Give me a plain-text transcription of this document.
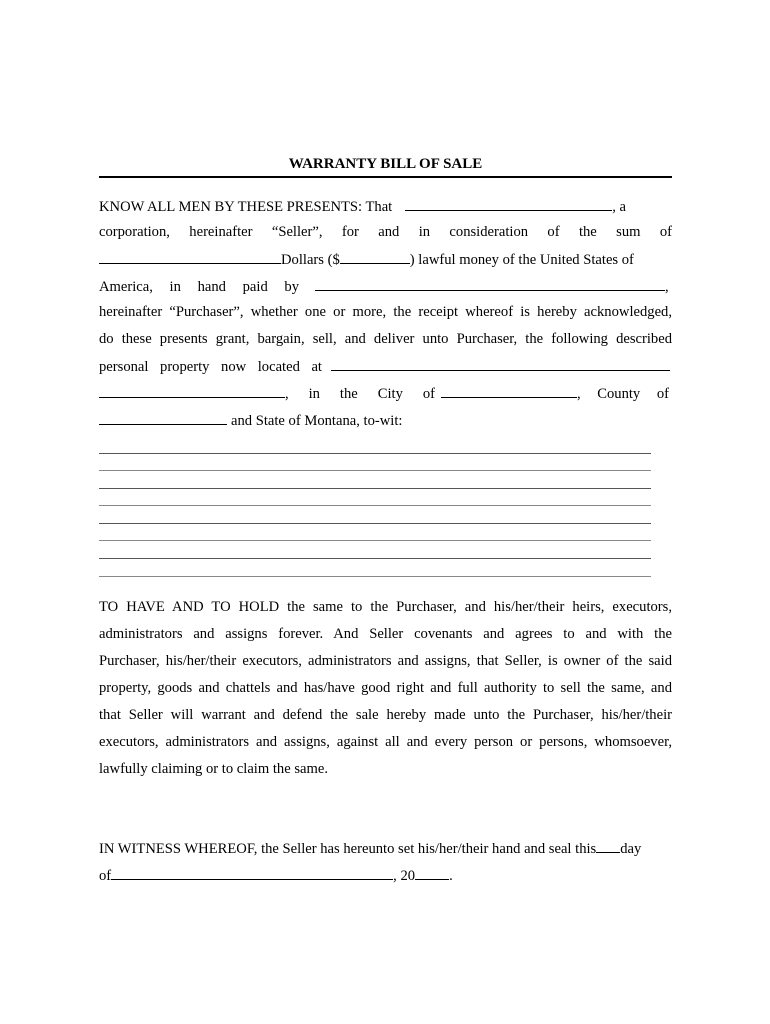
WARRANTY BILL OF SALE
KNOW ALL MEN BY THESE PRESENTS: That	, a
corporation, hereinafter “Seller”, for and in consideration of the sum of
Dollars ($	) lawful money of the United States of
America, in hand paid by	,
hereinafter “Purchaser”, whether one or more, the receipt whereof is hereby acknowledged,
do these presents grant, bargain, sell, and deliver unto Purchaser, the following described
personal property now located at
, in the City of	, County of
and State of Montana, to-wit:
TO HAVE AND TO HOLD the same to the Purchaser, and his/her/their heirs, executors,
administrators and assigns forever. And Seller covenants and agrees to and with the
Purchaser, his/her/their executors, administrators and assigns, that Seller, is owner of the said
property, goods and chattels and has/have good right and full authority to sell the same, and
that Seller will warrant and defend the sale hereby made unto the Purchaser, his/her/their
executors, administrators and assigns, against all and every person or persons, whomsoever,
lawfully claiming or to claim the same.
IN WITNESS WHEREOF, the Seller has hereunto set his/her/their hand and seal this day
of	, 20 .
